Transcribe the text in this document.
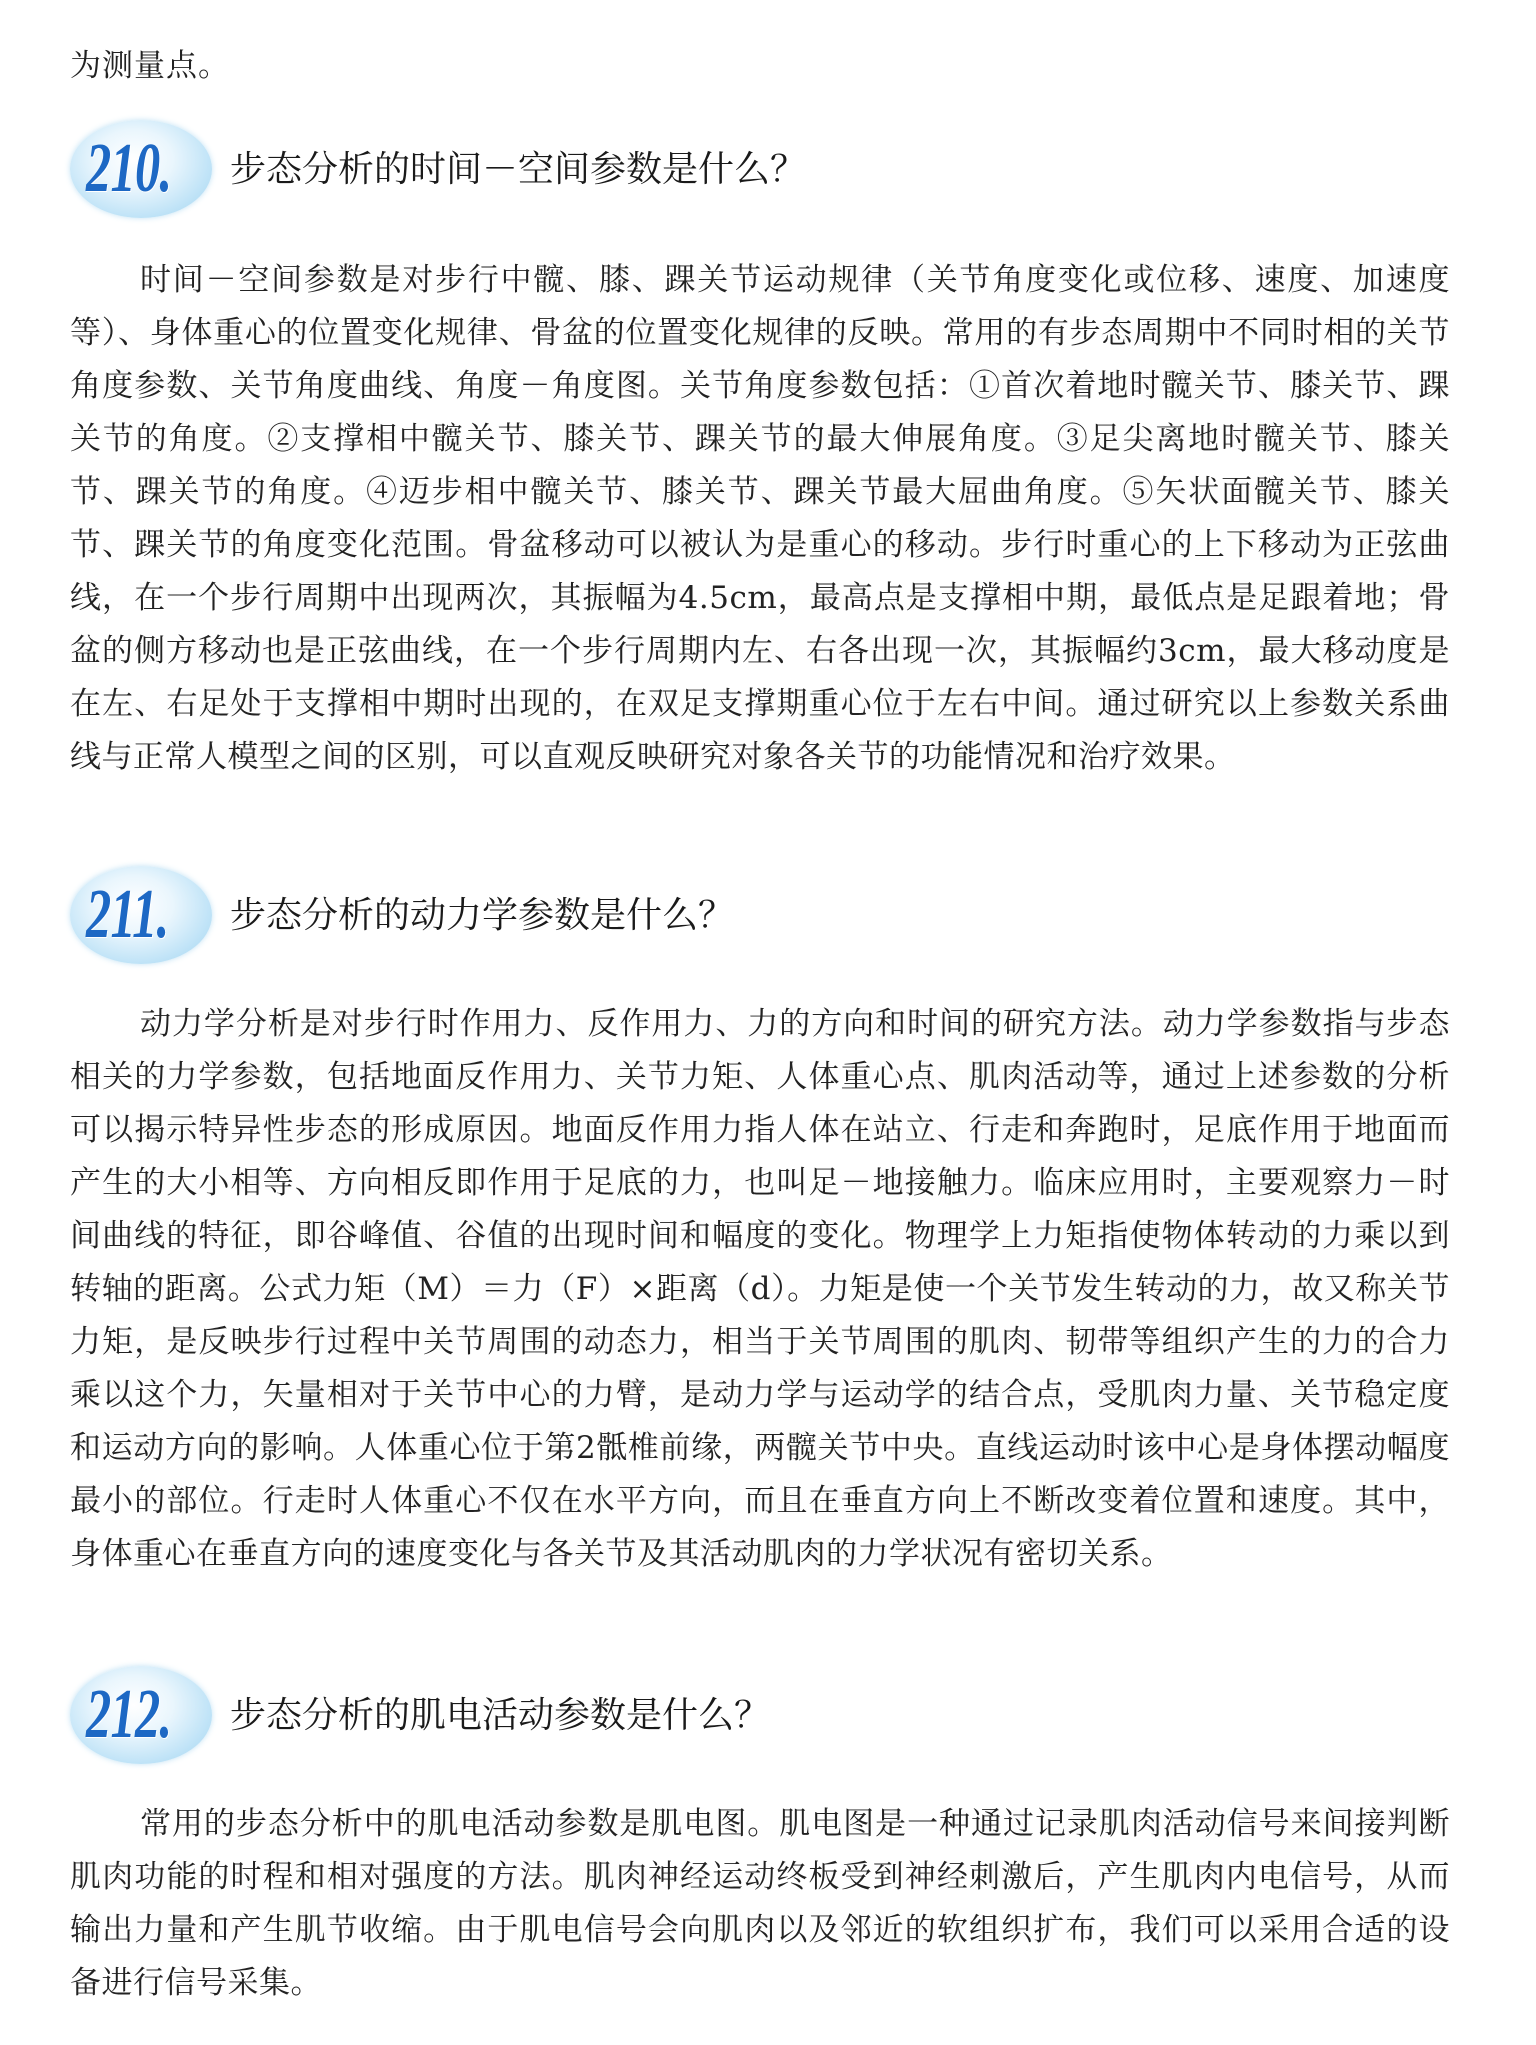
为测量点。
210. 步态分析的时间－空间参数是什么？

时间－空间参数是对步行中髋、膝、踝关节运动规律（关节角度变化或位移、速度、加速度等）、身体重心的位置变化规律、骨盆的位置变化规律的反映。常用的有步态周期中不同时相的关节角度参数、关节角度曲线、角度－角度图。关节角度参数包括：①首次着地时髋关节、膝关节、踝关节的角度。②支撑相中髋关节、膝关节、踝关节的最大伸展角度。③足尖离地时髋关节、膝关节、踝关节的角度。④迈步相中髋关节、膝关节、踝关节最大屈曲角度。⑤矢状面髋关节、膝关节、踝关节的角度变化范围。骨盆移动可以被认为是重心的移动。步行时重心的上下移动为正弦曲线，在一个步行周期中出现两次，其振幅为4.5cm，最高点是支撑相中期，最低点是足跟着地；骨盆的侧方移动也是正弦曲线，在一个步行周期内左、右各出现一次，其振幅约3cm，最大移动度是在左、右足处于支撑相中期时出现的，在双足支撑期重心位于左右中间。通过研究以上参数关系曲线与正常人模型之间的区别，可以直观反映研究对象各关节的功能情况和治疗效果。

211. 步态分析的动力学参数是什么？

动力学分析是对步行时作用力、反作用力、力的方向和时间的研究方法。动力学参数指与步态相关的力学参数，包括地面反作用力、关节力矩、人体重心点、肌肉活动等，通过上述参数的分析可以揭示特异性步态的形成原因。地面反作用力指人体在站立、行走和奔跑时，足底作用于地面而产生的大小相等、方向相反即作用于足底的力，也叫足－地接触力。临床应用时，主要观察力－时间曲线的特征，即谷峰值、谷值的出现时间和幅度的变化。物理学上力矩指使物体转动的力乘以到转轴的距离。公式力矩（M）＝力（F）×距离（d）。力矩是使一个关节发生转动的力，故又称关节力矩，是反映步行过程中关节周围的动态力，相当于关节周围的肌肉、韧带等组织产生的力的合力乘以这个力，矢量相对于关节中心的力臂，是动力学与运动学的结合点，受肌肉力量、关节稳定度和运动方向的影响。人体重心位于第2骶椎前缘，两髋关节中央。直线运动时该中心是身体摆动幅度最小的部位。行走时人体重心不仅在水平方向，而且在垂直方向上不断改变着位置和速度。其中，身体重心在垂直方向的速度变化与各关节及其活动肌肉的力学状况有密切关系。

212. 步态分析的肌电活动参数是什么？

常用的步态分析中的肌电活动参数是肌电图。肌电图是一种通过记录肌肉活动信号来间接判断肌肉功能的时程和相对强度的方法。肌肉神经运动终板受到神经刺激后，产生肌肉内电信号，从而输出力量和产生肌节收缩。由于肌电信号会向肌肉以及邻近的软组织扩布，我们可以采用合适的设备进行信号采集。
